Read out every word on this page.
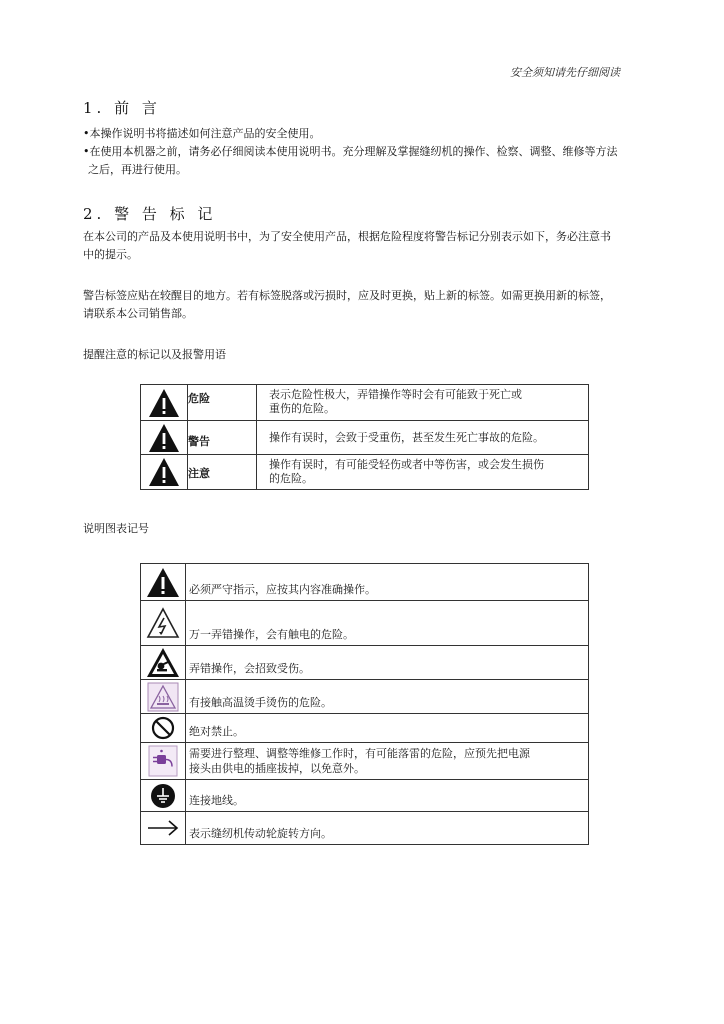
安全须知请先仔细阅读
1. 前 言
•本操作说明书将描述如何注意产品的安全使用。
•在使用本机器之前，请务必仔细阅读本使用说明书。充分理解及掌握缝纫机的操作、检察、调整、维修等方法
之后，再进行使用。
2. 警 告 标 记
在本公司的产品及本使用说明书中，为了安全使用产品，根据危险程度将警告标记分别表示如下，务必注意书
中的提示。
警告标签应贴在较醒目的地方。若有标签脱落或污损时，应及时更换，贴上新的标签。如需更换用新的标签，
请联系本公司销售部。
提醒注意的标记以及报警用语
	危险	表示危险性极大，弄错操作等时会有可能致于死亡或
重伤的危险。

	警告	操作有误时，会致于受重伤，甚至发生死亡事故的危险。

	注意	操作有误时，有可能受轻伤或者中等伤害，或会发生损伤
的危险。
说明图表记号

必须严守指示，应按其内容准确操作。

万一弄错操作，会有触电的危险。

弄错操作，会招致受伤。

有接触高温烫手烫伤的危险。

绝对禁止。

需要进行整理、调整等维修工作时，有可能落雷的危险，应预先把电源
接头由供电的插座拔掉，以免意外。

连接地线。

表示缝纫机传动轮旋转方向。
